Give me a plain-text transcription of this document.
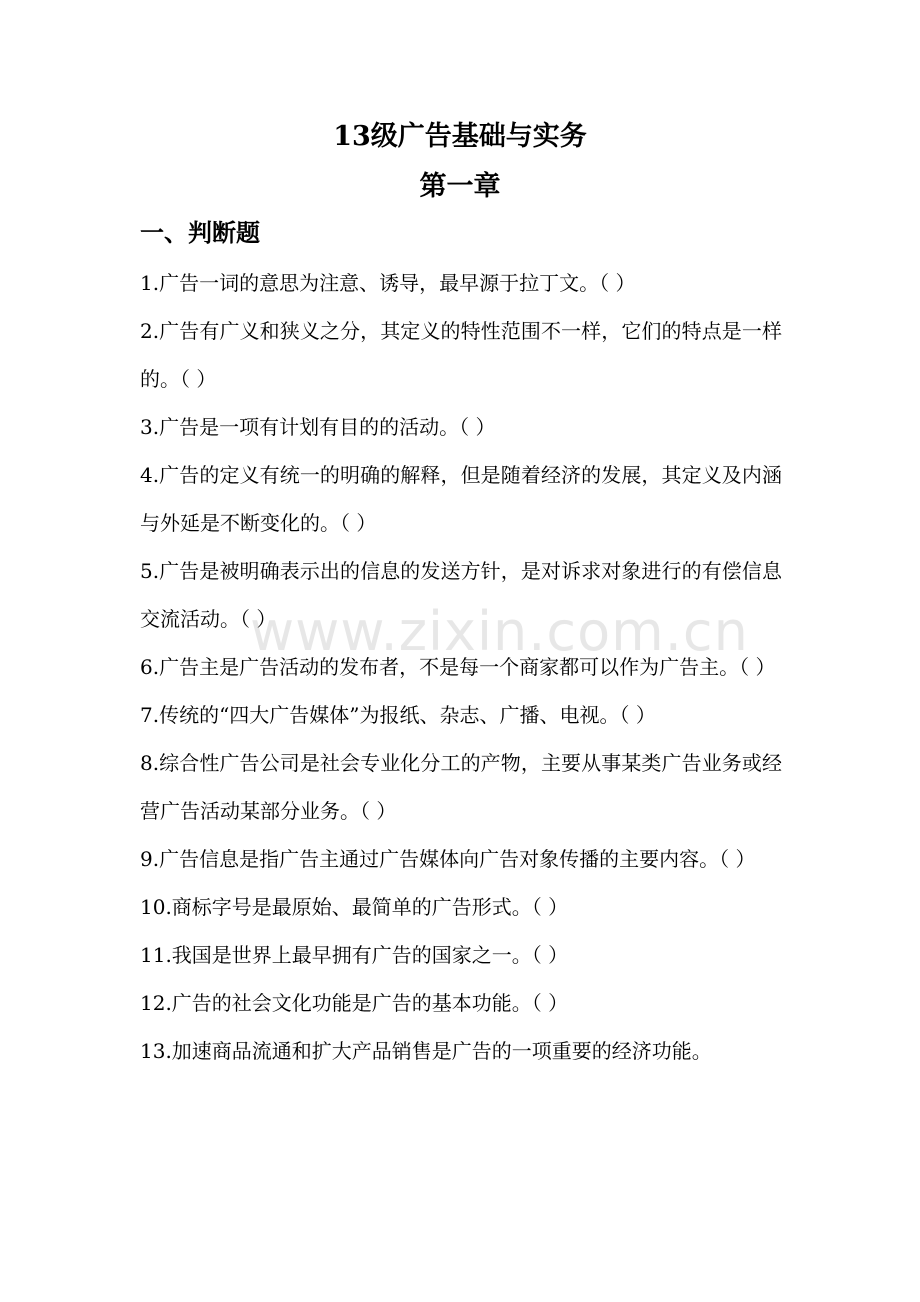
13级广告基础与实务
第一章
一、判断题
1.广告一词的意思为注意、诱导，最早源于拉丁文。（ ）
2.广告有广义和狭义之分，其定义的特性范围不一样，它们的特点是一样的。（ ）
3.广告是一项有计划有目的的活动。（ ）
4.广告的定义有统一的明确的解释，但是随着经济的发展，其定义及内涵与外延是不断变化的。（ ）
5.广告是被明确表示出的信息的发送方针，是对诉求对象进行的有偿信息交流活动。（ ）
6.广告主是广告活动的发布者，不是每一个商家都可以作为广告主。（ ）
7.传统的“四大广告媒体”为报纸、杂志、广播、电视。（ ）
8.综合性广告公司是社会专业化分工的产物，主要从事某类广告业务或经营广告活动某部分业务。（ ）
9.广告信息是指广告主通过广告媒体向广告对象传播的主要内容。（ ）
10.商标字号是最原始、最简单的广告形式。（ ）
11.我国是世界上最早拥有广告的国家之一。（ ）
12.广告的社会文化功能是广告的基本功能。（ ）
13.加速商品流通和扩大产品销售是广告的一项重要的经济功能。
www.zixin.com.cn
